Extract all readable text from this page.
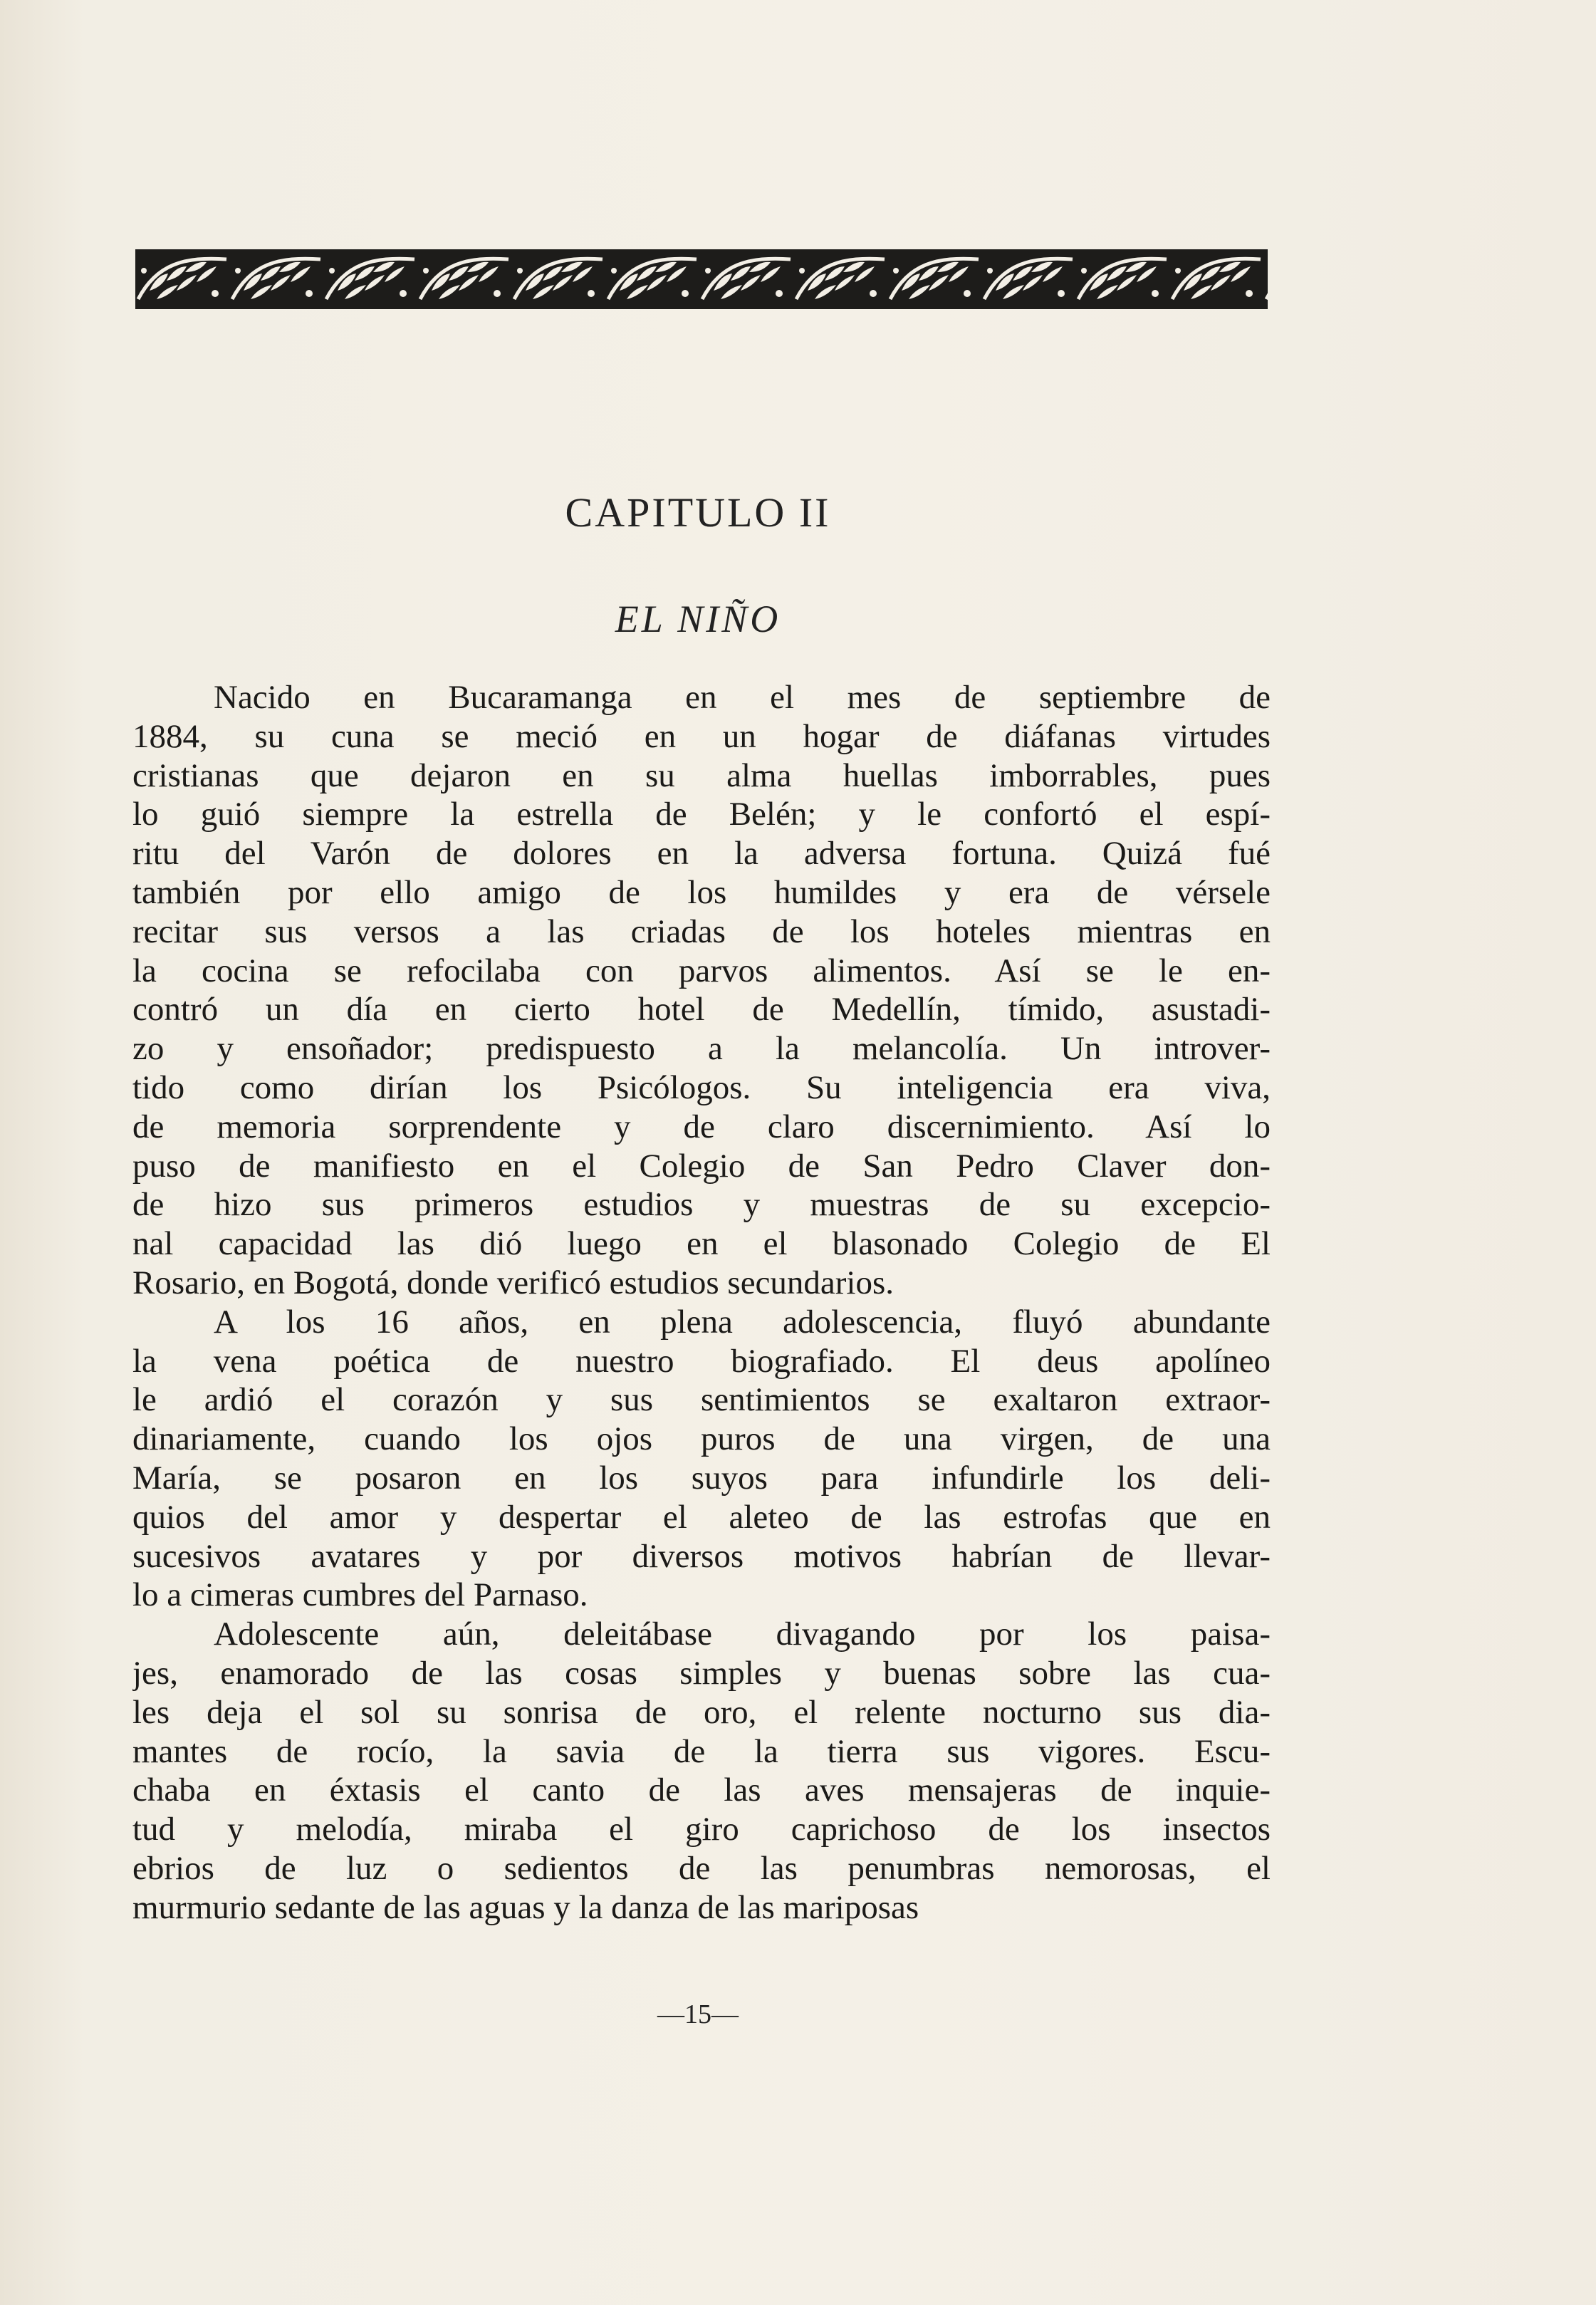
CAPITULO II
EL NIÑO
Nacido en Bucaramanga en el mes de septiembre de
1884, su cuna se meció en un hogar de diáfanas virtudes
cristianas que dejaron en su alma huellas imborrables, pues
lo guió siempre la estrella de Belén; y le confortó el espí-
ritu del Varón de dolores en la adversa fortuna. Quizá fué
también por ello amigo de los humildes y era de vérsele
recitar sus versos a las criadas de los hoteles mientras en
la cocina se refocilaba con parvos alimentos. Así se le en-
contró un día en cierto hotel de Medellín, tímido, asustadi-
zo y ensoñador; predispuesto a la melancolía. Un introver-
tido como dirían los Psicólogos. Su inteligencia era viva,
de memoria sorprendente y de claro discernimiento. Así lo
puso de manifiesto en el Colegio de San Pedro Claver don-
de hizo sus primeros estudios y muestras de su excepcio-
nal capacidad las dió luego en el blasonado Colegio de El
Rosario, en Bogotá, donde verificó estudios secundarios.
A los 16 años, en plena adolescencia, fluyó abundante
la vena poética de nuestro biografiado. El deus apolíneo
le ardió el corazón y sus sentimientos se exaltaron extraor-
dinariamente, cuando los ojos puros de una virgen, de una
María, se posaron en los suyos para infundirle los deli-
quios del amor y despertar el aleteo de las estrofas que en
sucesivos avatares y por diversos motivos habrían de llevar-
lo a cimeras cumbres del Parnaso.
Adolescente aún, deleitábase divagando por los paisa-
jes, enamorado de las cosas simples y buenas sobre las cua-
les deja el sol su sonrisa de oro, el relente nocturno sus dia-
mantes de rocío, la savia de la tierra sus vigores. Escu-
chaba en éxtasis el canto de las aves mensajeras de inquie-
tud y melodía, miraba el giro caprichoso de los insectos
ebrios de luz o sedientos de las penumbras nemorosas, el
murmurio sedante de las aguas y la danza de las mariposas
—15—
